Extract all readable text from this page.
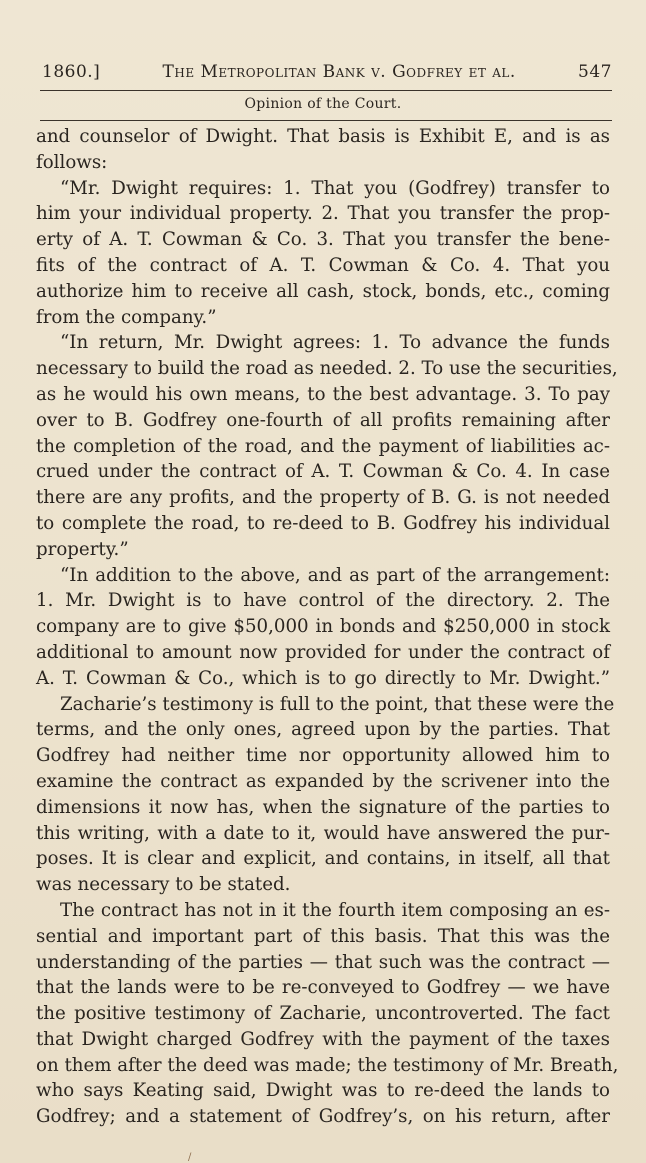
1860.]	The Metropolitan Bank v. Godfrey et al.	547
Opinion of the Court.
and counselor of Dwight. That basis is Exhibit E, and is as
follows:
“Mr. Dwight requires: 1. That you (Godfrey) transfer to
him your individual property. 2. That you transfer the prop-
erty of A. T. Cowman & Co. 3. That you transfer the bene-
fits of the contract of A. T. Cowman & Co. 4. That you
authorize him to receive all cash, stock, bonds, etc., coming
from the company.”
“In return, Mr. Dwight agrees: 1. To advance the funds
necessary to build the road as needed. 2. To use the securities,
as he would his own means, to the best advantage. 3. To pay
over to B. Godfrey one-fourth of all profits remaining after
the completion of the road, and the payment of liabilities ac-
crued under the contract of A. T. Cowman & Co. 4. In case
there are any profits, and the property of B. G. is not needed
to complete the road, to re-deed to B. Godfrey his individual
property.”
“In addition to the above, and as part of the arrangement:
1. Mr. Dwight is to have control of the directory. 2. The
company are to give $50,000 in bonds and $250,000 in stock
additional to amount now provided for under the contract of
A. T. Cowman & Co., which is to go directly to Mr. Dwight.”
Zacharie’s testimony is full to the point, that these were the
terms, and the only ones, agreed upon by the parties. That
Godfrey had neither time nor opportunity allowed him to
examine the contract as expanded by the scrivener into the
dimensions it now has, when the signature of the parties to
this writing, with a date to it, would have answered the pur-
poses. It is clear and explicit, and contains, in itself, all that
was necessary to be stated.
The contract has not in it the fourth item composing an es-
sential and important part of this basis. That this was the
understanding of the parties — that such was the contract —
that the lands were to be re-conveyed to Godfrey — we have
the positive testimony of Zacharie, uncontroverted. The fact
that Dwight charged Godfrey with the payment of the taxes
on them after the deed was made; the testimony of Mr. Breath,
who says Keating said, Dwight was to re-deed the lands to
Godfrey; and a statement of Godfrey’s, on his return, after
/
